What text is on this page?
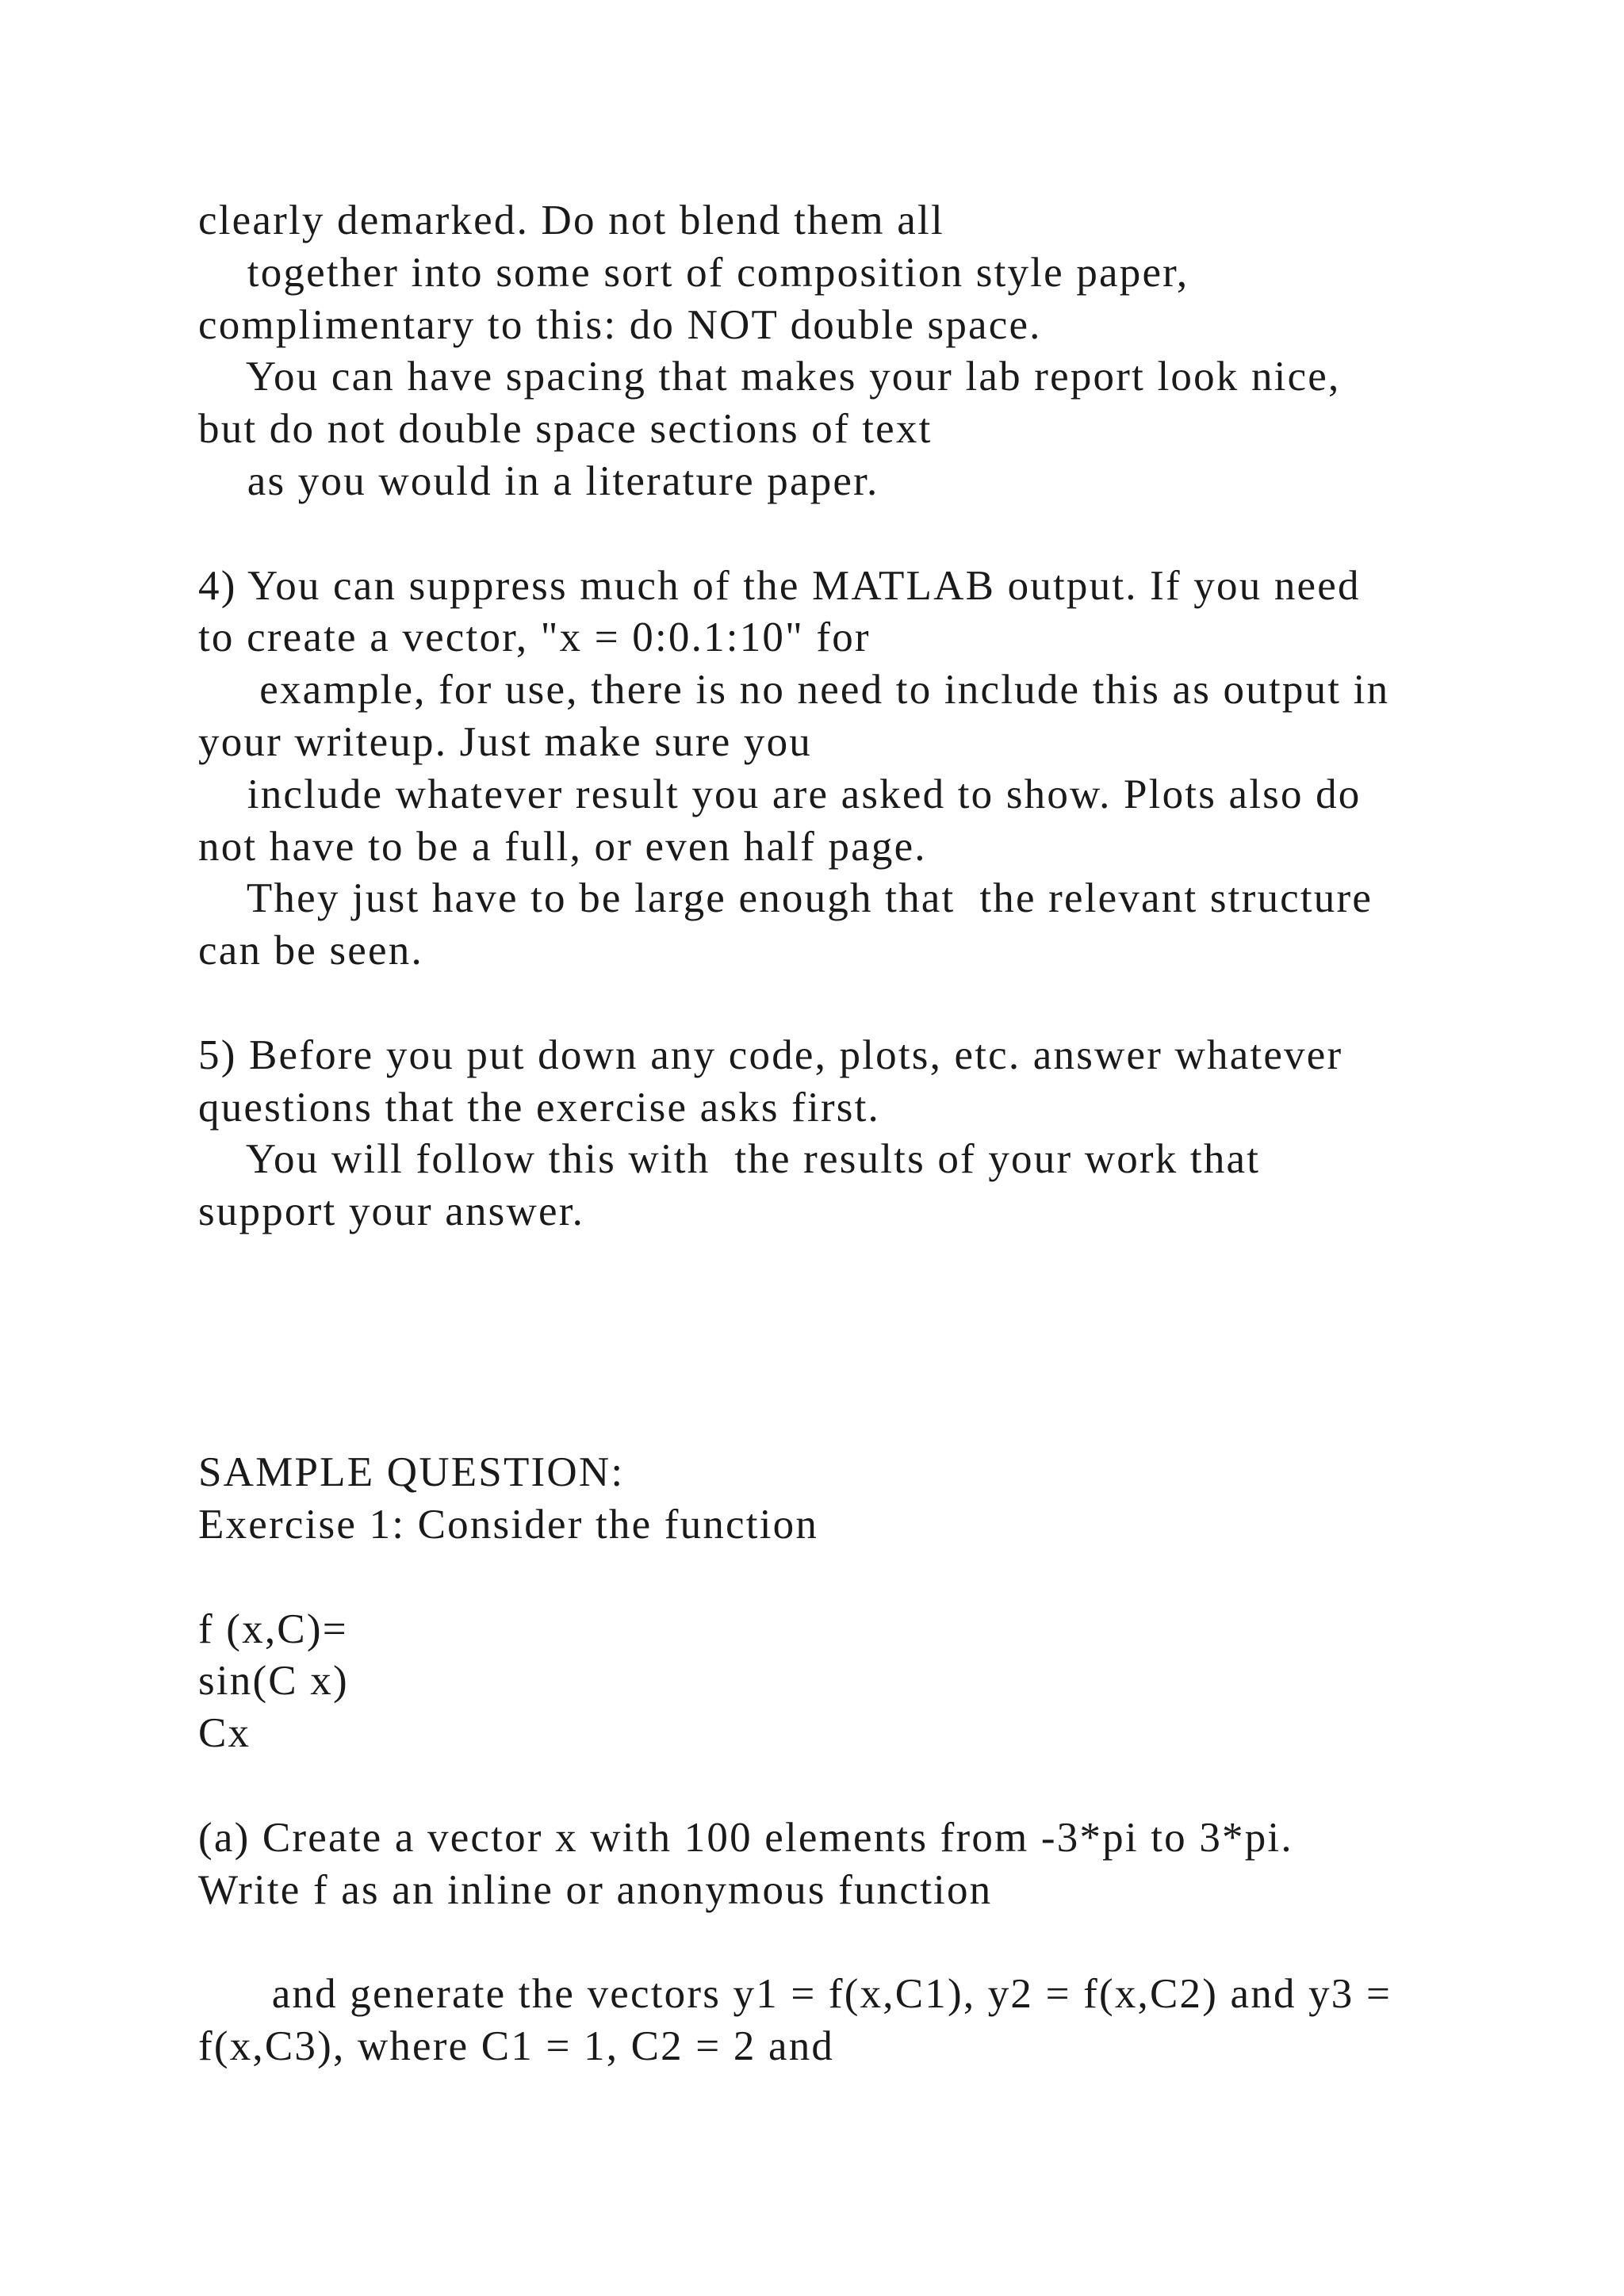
clearly demarked. Do not blend them all
together into some sort of composition style paper,
complimentary to this: do NOT double space.
You can have spacing that makes your lab report look nice,
but do not double space sections of text
as you would in a literature paper.
4) You can suppress much of the MATLAB output. If you need
to create a vector, "x = 0:0.1:10" for
example, for use, there is no need to include this as output in
your writeup. Just make sure you
include whatever result you are asked to show. Plots also do
not have to be a full, or even half page.
They just have to be large enough that  the relevant structure
can be seen.
5) Before you put down any code, plots, etc. answer whatever
questions that the exercise asks first.
You will follow this with  the results of your work that
support your answer.
SAMPLE QUESTION:
Exercise 1: Consider the function
f (x,C)=
sin(C x)
Cx
(a) Create a vector x with 100 elements from -3*pi to 3*pi.
Write f as an inline or anonymous function
and generate the vectors y1 = f(x,C1), y2 = f(x,C2) and y3 =
f(x,C3), where C1 = 1, C2 = 2 and
